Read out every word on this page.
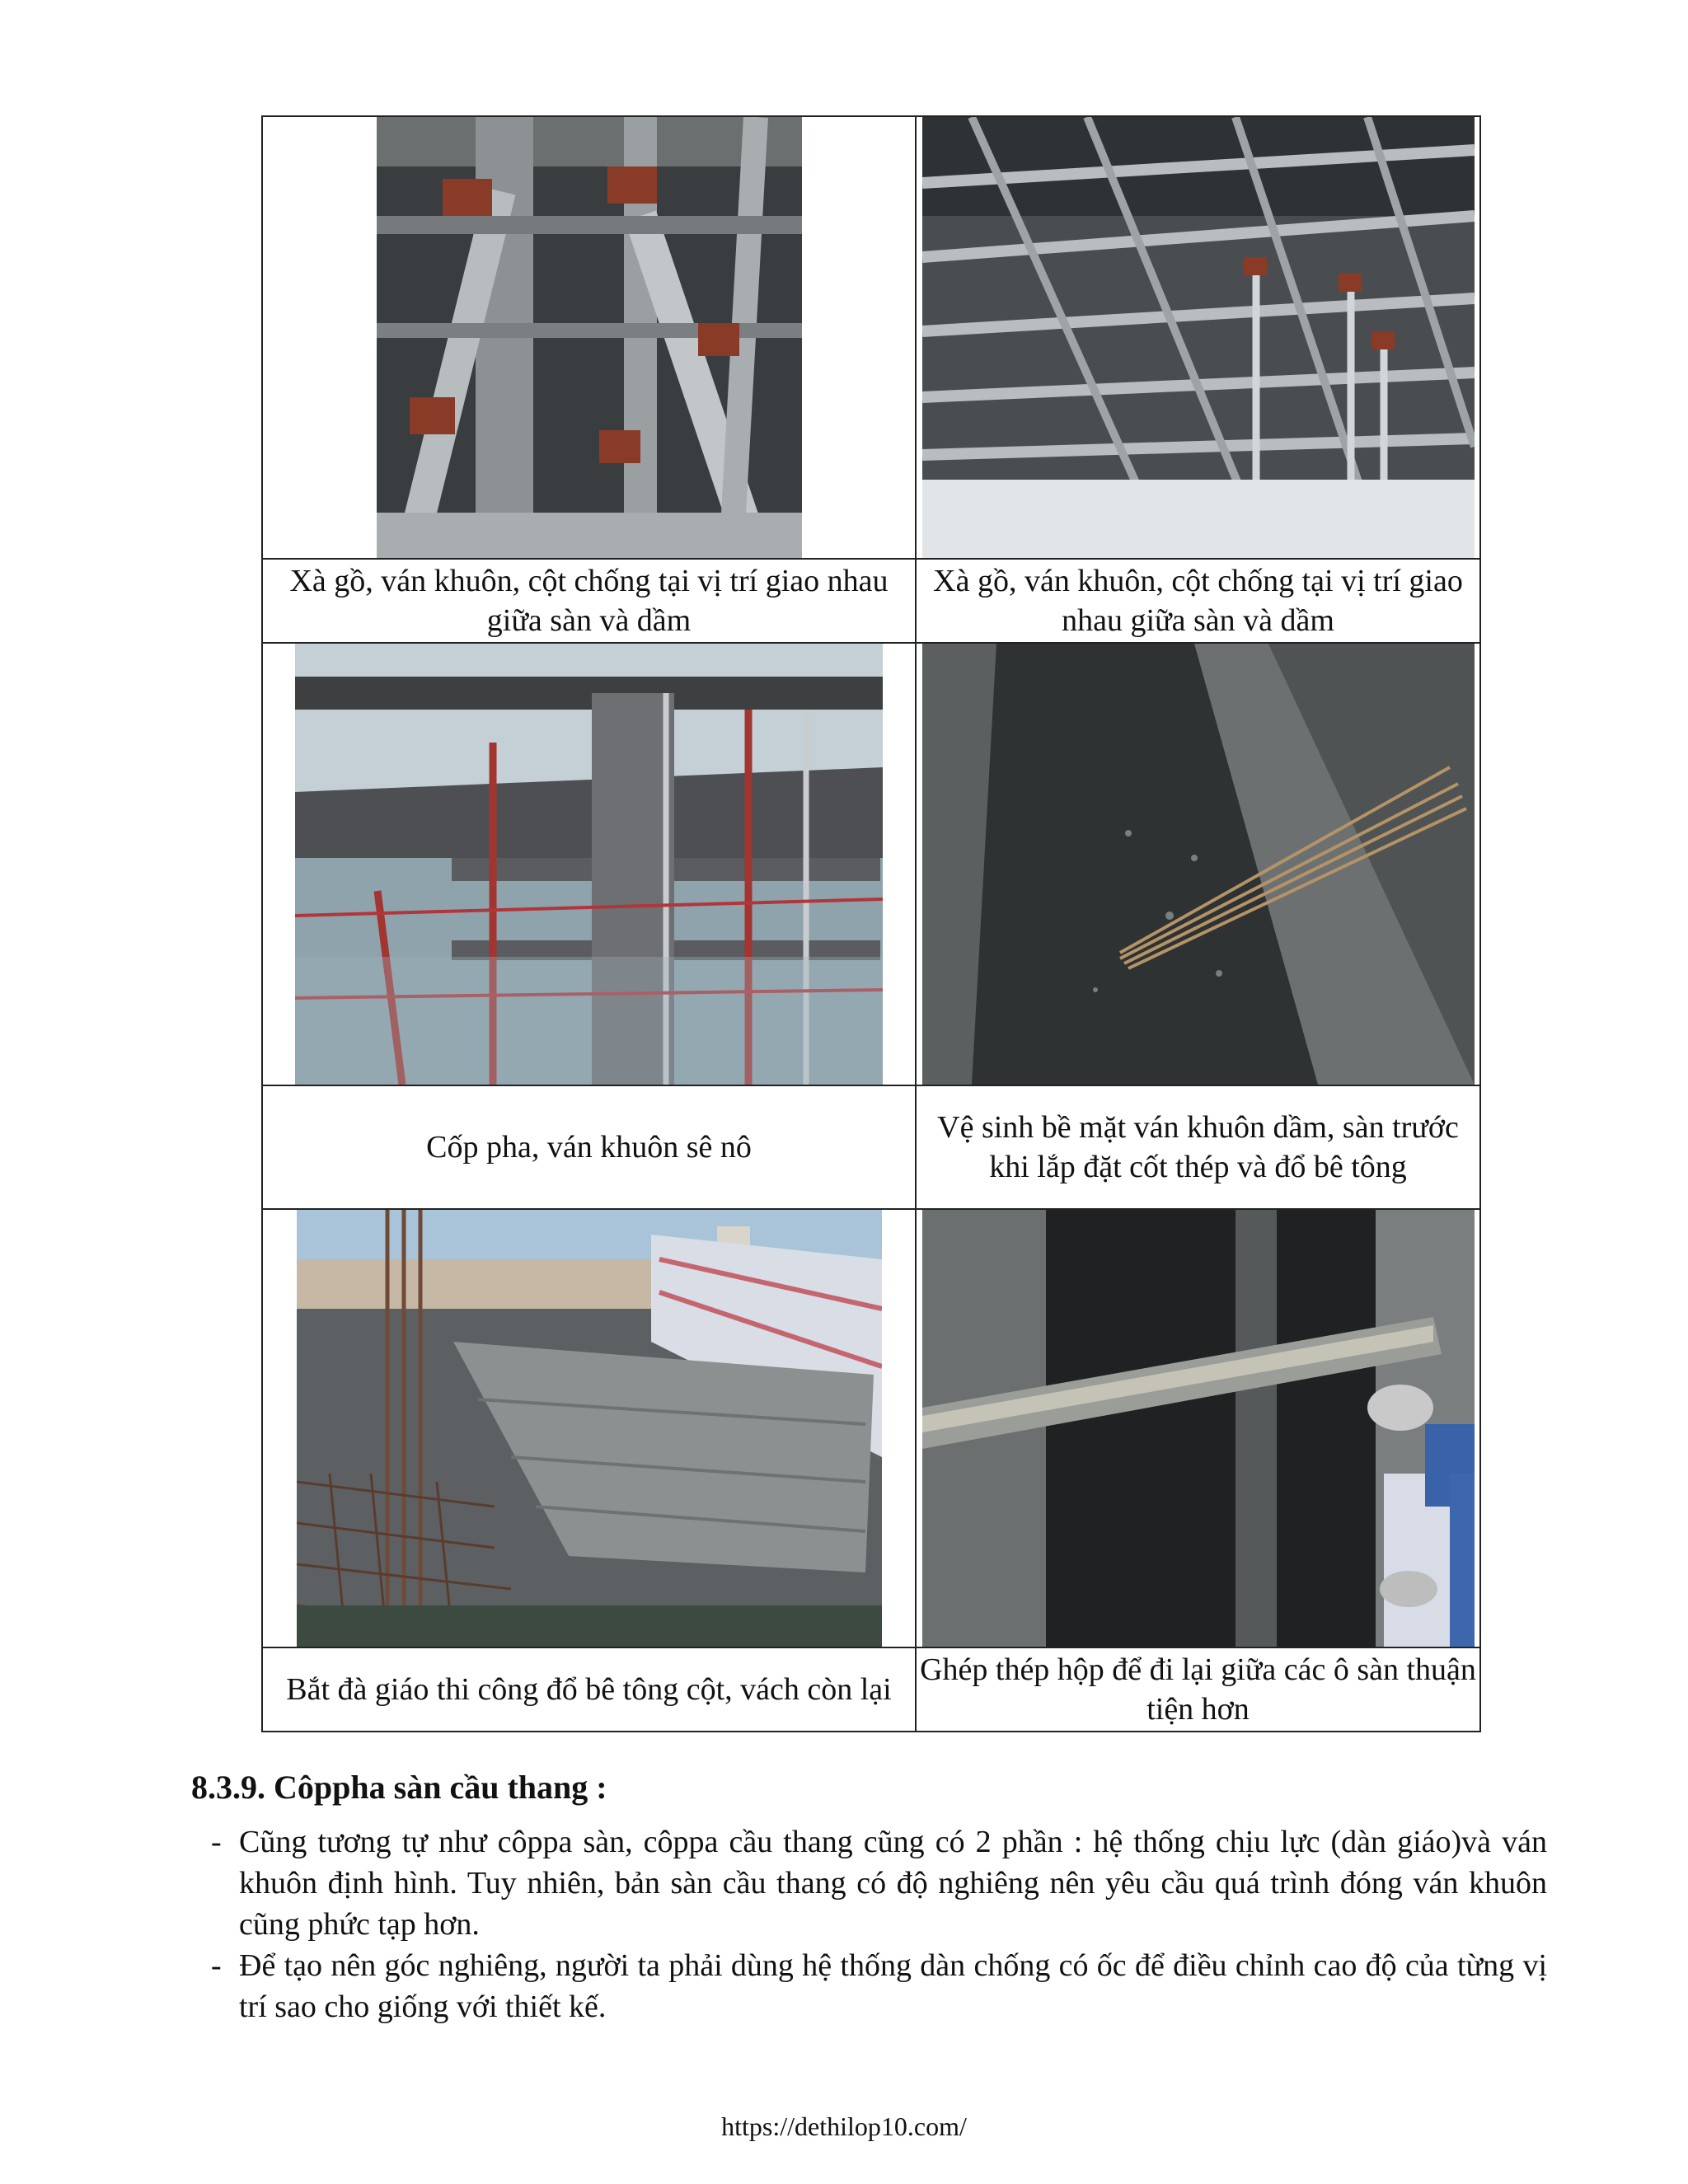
Xà gồ, ván khuôn, cột chống tại vị trí giao nhau giữa sàn và dầm	Xà gồ, ván khuôn, cột chống tại vị trí giao nhau giữa sàn và dầm

Cốp pha, ván khuôn sê nô	Vệ sinh bề mặt ván khuôn dầm, sàn trước khi lắp đặt cốt thép và đổ bê tông

Bắt đà giáo thi công đổ bê tông cột, vách còn lại	Ghép thép hộp để đi lại giữa các ô sàn thuận tiện hơn
8.3.9. Côppha sàn cầu thang :
- Cũng tương tự như côppa sàn, côppa cầu thang cũng có 2 phần : hệ thống chịu lực (dàn giáo)và ván khuôn định hình. Tuy nhiên, bản sàn cầu thang có độ nghiêng nên yêu cầu quá trình đóng ván khuôn cũng phức tạp hơn.
- Để tạo nên góc nghiêng, người ta phải dùng hệ thống dàn chống có ốc để điều chỉnh cao độ của từng vị trí sao cho giống với thiết kế.
https://dethilop10.com/
